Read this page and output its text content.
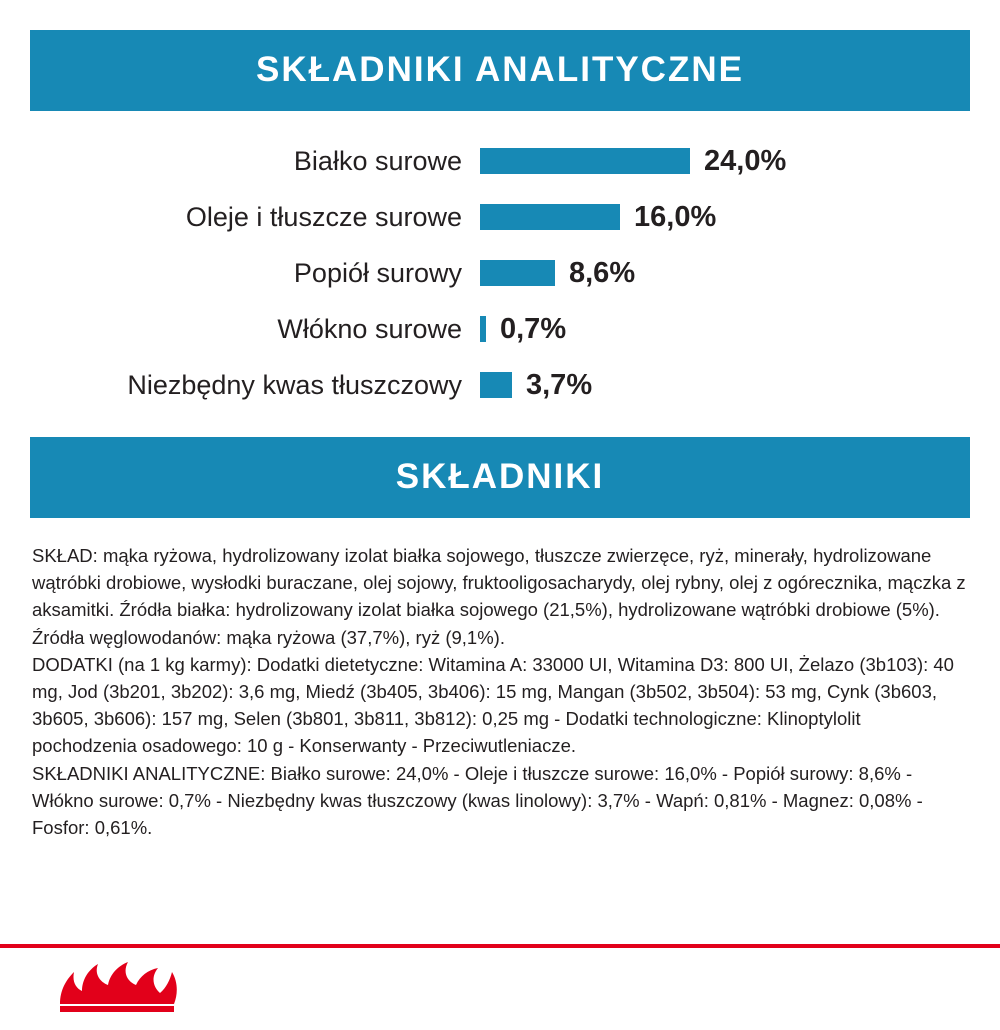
SKŁADNIKI ANALITYCZNE
Białko surowe	24,0%
Oleje i tłuszcze surowe	16,0%
Popiół surowy	8,6%
Włókno surowe	0,7%
Niezbędny kwas tłuszczowy	3,7%
SKŁADNIKI

SKŁAD: mąka ryżowa, hydrolizowany izolat białka sojowego, tłuszcze zwierzęce, ryż, minerały, hydrolizowane wątróbki drobiowe, wysłodki buraczane, olej sojowy, fruktooligosacharydy, olej rybny, olej z ogórecznika, mączka z aksamitki. Źródła białka: hydrolizowany izolat białka sojowego (21,5%), hydrolizowane wątróbki drobiowe (5%). Źródła węglowodanów: mąka ryżowa (37,7%), ryż (9,1%).

DODATKI (na 1 kg karmy): Dodatki dietetyczne: Witamina A: 33000 UI, Witamina D3: 800 UI, Żelazo (3b103): 40 mg, Jod (3b201, 3b202): 3,6 mg, Miedź (3b405, 3b406): 15 mg, Mangan (3b502, 3b504): 53 mg, Cynk (3b603, 3b605, 3b606): 157 mg, Selen (3b801, 3b811, 3b812): 0,25 mg - Dodatki technologiczne: Klinoptylolit pochodzenia osadowego: 10 g - Konserwanty - Przeciwutleniacze.

SKŁADNIKI ANALITYCZNE: Białko surowe: 24,0% - Oleje i tłuszcze surowe: 16,0% - Popiół surowy: 8,6% - Włókno surowe: 0,7% - Niezbędny kwas tłuszczowy (kwas linolowy): 3,7% - Wapń: 0,81% - Magnez: 0,08% - Fosfor: 0,61%.
